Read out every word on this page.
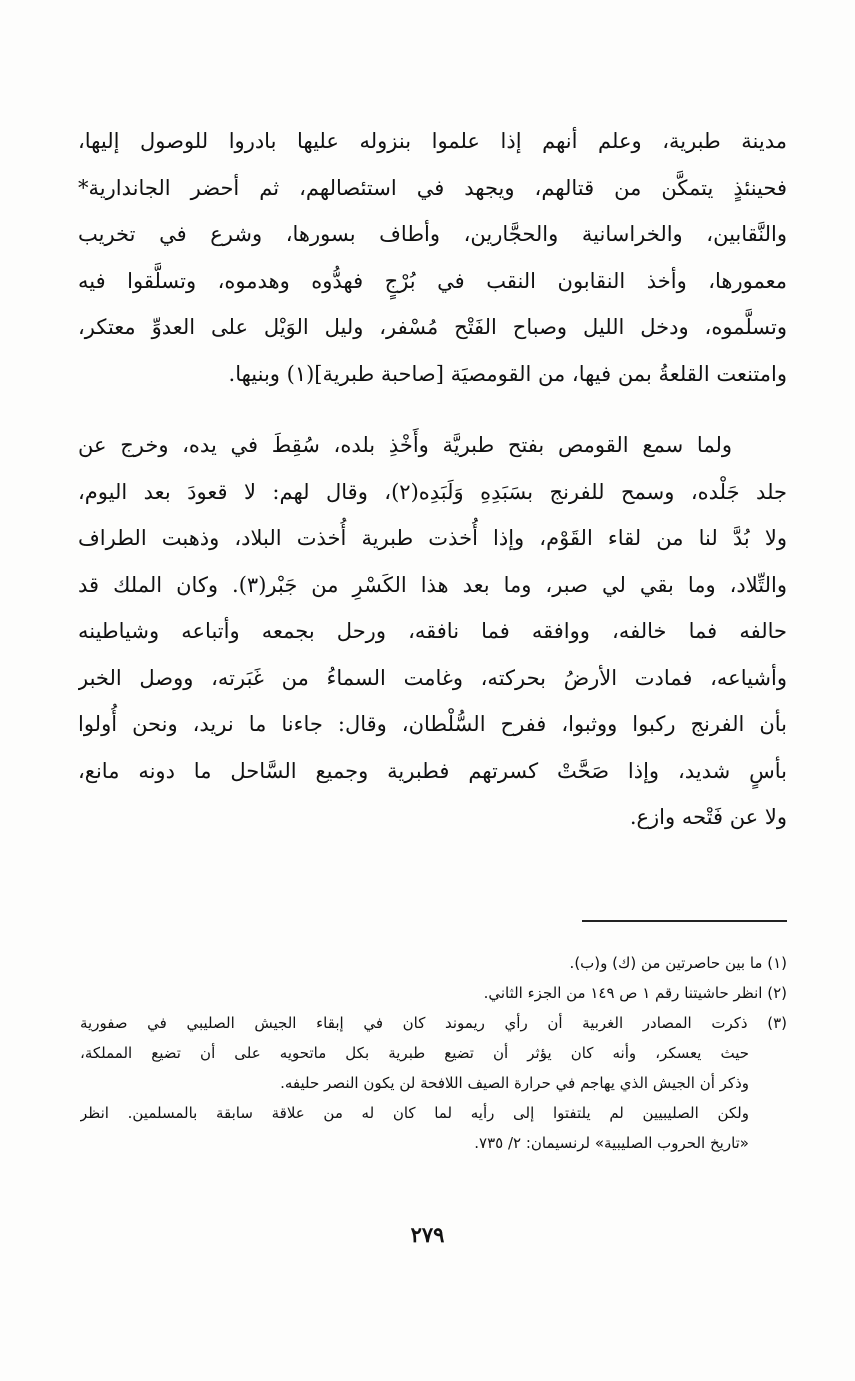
مدينة طبرية، وعلم أنهم إذا علموا بنزوله عليها بادروا للوصول إليها،
فحينئذٍ يتمكَّن من قتالهم، ويجهد في استئصالهم، ثم أحضر الجاندارية*
والنَّقابين، والخراسانية والحجَّارين، وأطاف بسورها، وشرع في تخريب
معمورها، وأخذ النقابون النقب في بُرْجٍ فهدُّوه وهدموه، وتسلَّقوا فيه
وتسلَّموه، ودخل الليل وصباح الفَتْح مُسْفر، وليل الوَيْل على العدوِّ معتكر،
وامتنعت القلعةُ بمن فيها، من القومصيَة [صاحبة طبرية](١) وبنيها.
ولما سمع القومص بفتح طبريَّة وأَخْذِ بلده، سُقِطَ في يده، وخرج عن
جلد جَلْده، وسمح للفرنج بسَبَدِهِ وَلَبَدِه(٢)، وقال لهم: لا قعودَ بعد اليوم،
ولا بُدَّ لنا من لقاء القَوْم، وإذا أُخذت طبرية أُخذت البلاد، وذهبت الطراف
والتِّلاد، وما بقي لي صبر، وما بعد هذا الكَسْرِ من جَبْر(٣). وكان الملك قد
حالفه فما خالفه، ووافقه فما نافقه، ورحل بجمعه وأتباعه وشياطينه
وأشياعه، فمادت الأرضُ بحركته، وغامت السماءُ من غَبَرته، ووصل الخبر
بأن الفرنج ركبوا ووثبوا، ففرح السُّلْطان، وقال: جاءنا ما نريد، ونحن أُولوا
بأسٍ شديد، وإذا صَحَّتْ كسرتهم فطبرية وجميع السَّاحل ما دونه مانع،
ولا عن فَتْحه وازع.
(١) ما بين حاصرتين من (ك) و(ب).
(٢) انظر حاشيتنا رقم ١ ص ١٤٩ من الجزء الثاني.
(٣) ذكرت المصادر الغربية أن رأي ريموند كان في إبقاء الجيش الصليبي في صفورية
حيث يعسكر، وأنه كان يؤثر أن تضيع طبرية بكل ماتحويه على أن تضيع المملكة،
وذكر أن الجيش الذي يهاجم في حرارة الصيف اللافحة لن يكون النصر حليفه.
ولكن الصليبيين لم يلتفتوا إلى رأيه لما كان له من علاقة سابقة بالمسلمين. انظر
«تاريخ الحروب الصليبية» لرنسيمان: ٢/ ٧٣٥.
٢٧٩
